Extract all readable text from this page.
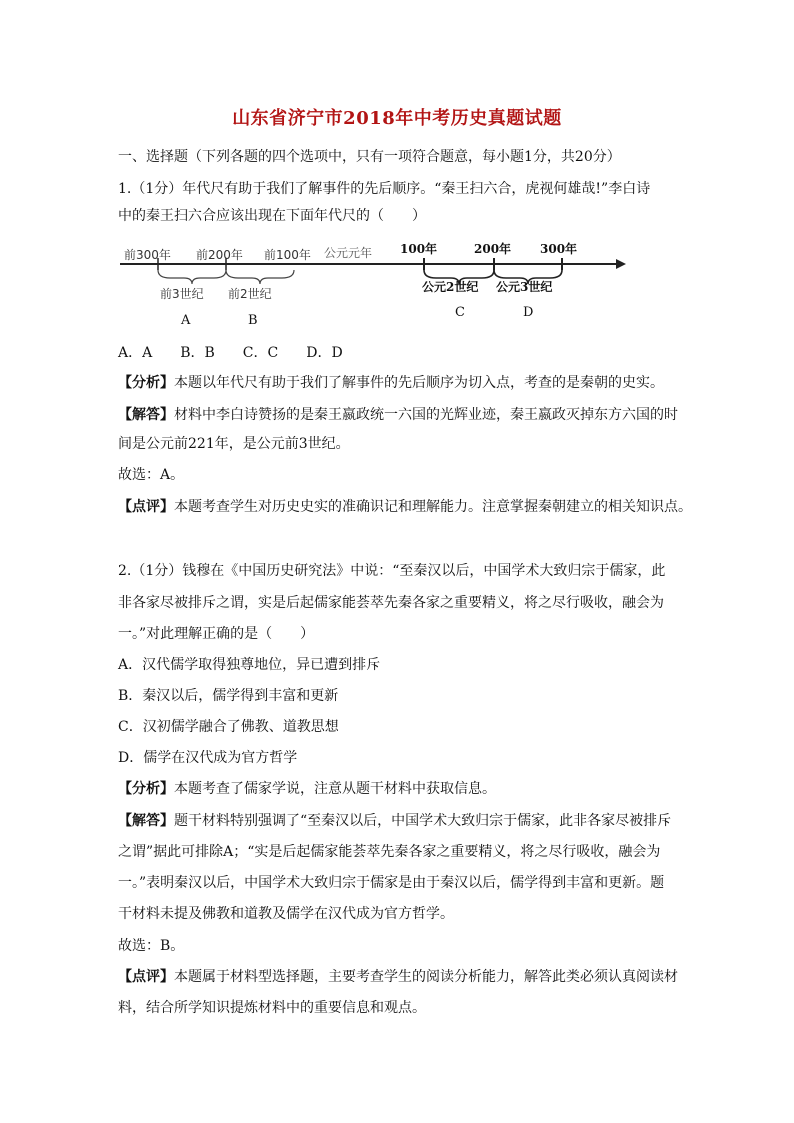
山东省济宁市2018年中考历史真题试题
一、选择题（下列各题的四个选项中，只有一项符合题意，每小题1分，共20分）
1.（1分）年代尺有助于我们了解事件的先后顺序。“秦王扫六合，虎视何雄哉!”李白诗
中的秦王扫六合应该出现在下面年代尺的（　　）
前300年 前200年 前100年 公元元年 100年	200年 300年
前3世纪 前2世纪	公元2世纪 公元3世纪
A	B
C	D
A．A　　B．B　　C．C　　D．D
【分析】本题以年代尺有助于我们了解事件的先后顺序为切入点，考查的是秦朝的史实。
【解答】材料中李白诗赞扬的是秦王嬴政统一六国的光辉业迹，秦王嬴政灭掉东方六国的时
间是公元前221年，是公元前3世纪。
故选：A。
【点评】本题考查学生对历史史实的准确识记和理解能力。注意掌握秦朝建立的相关知识点。
2.（1分）钱穆在《中国历史研究法》中说：“至秦汉以后，中国学术大致归宗于儒家，此
非各家尽被排斥之谓，实是后起儒家能荟萃先秦各家之重要精义，将之尽行吸收，融会为
一。”对此理解正确的是（　　）
A．汉代儒学取得独尊地位，异已遭到排斥
B．秦汉以后，儒学得到丰富和更新
C．汉初儒学融合了佛教、道教思想
D．儒学在汉代成为官方哲学
【分析】本题考查了儒家学说，注意从题干材料中获取信息。
【解答】题干材料特别强调了“至秦汉以后，中国学术大致归宗于儒家，此非各家尽被排斥
之谓”据此可排除A；“实是后起儒家能荟萃先秦各家之重要精义，将之尽行吸收，融会为
一。”表明秦汉以后，中国学术大致归宗于儒家是由于秦汉以后，儒学得到丰富和更新。题
干材料未提及佛教和道教及儒学在汉代成为官方哲学。
故选：B。
【点评】本题属于材料型选择题，主要考查学生的阅读分析能力，解答此类必须认真阅读材
料，结合所学知识提炼材料中的重要信息和观点。
